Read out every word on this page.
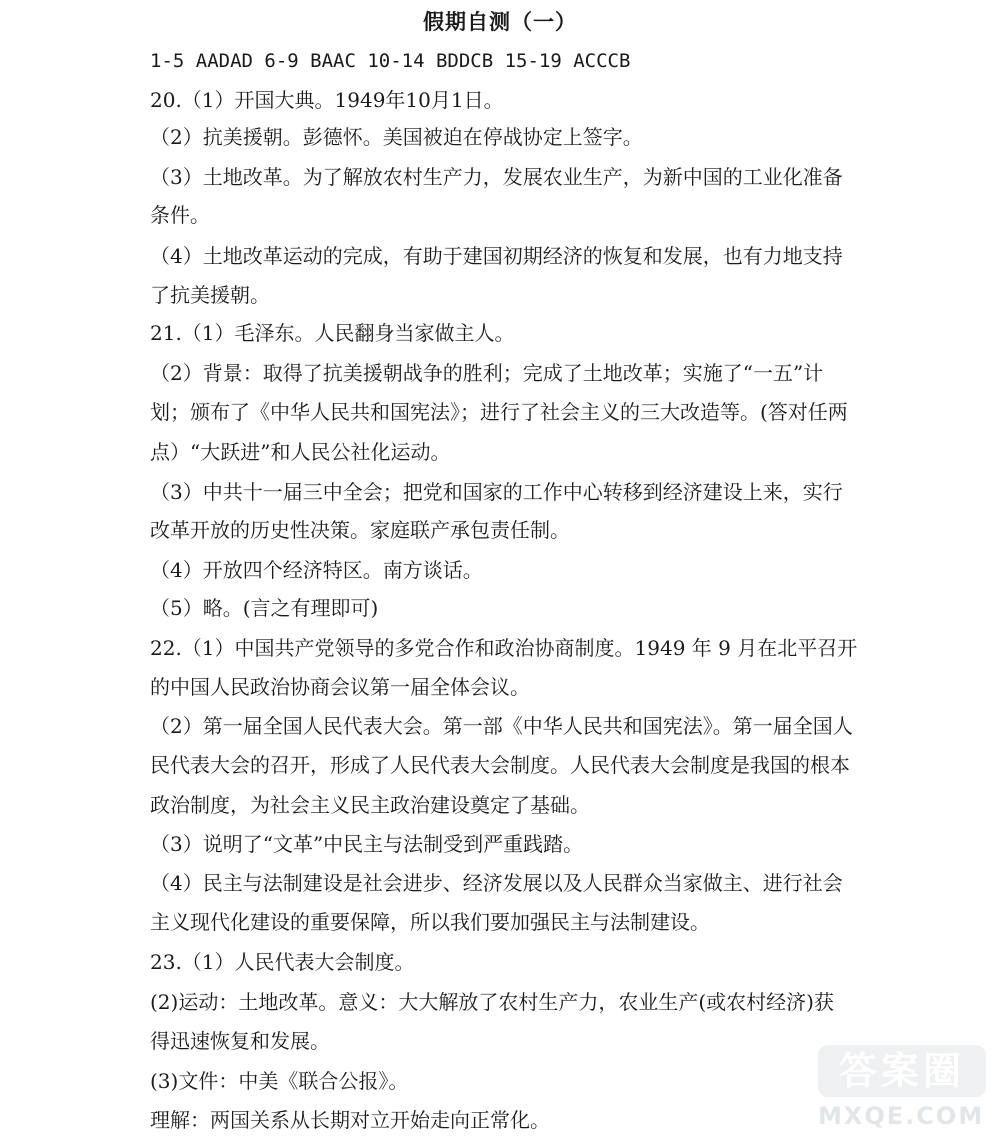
假期自测（一）
1-5 AADAD 6-9 BAAC 10-14 BDDCB 15-19 ACCCB
20.（1）开国大典。1949年10月1日。
（2）抗美援朝。彭德怀。美国被迫在停战协定上签字。
（3）土地改革。为了解放农村生产力，发展农业生产，为新中国的工业化准备
条件。
（4）土地改革运动的完成，有助于建国初期经济的恢复和发展，也有力地支持
了抗美援朝。
21.（1）毛泽东。人民翻身当家做主人。
（2）背景：取得了抗美援朝战争的胜利；完成了土地改革；实施了“一五”计
划；颁布了《中华人民共和国宪法》；进行了社会主义的三大改造等。(答对任两
点）“大跃进”和人民公社化运动。
（3）中共十一届三中全会；把党和国家的工作中心转移到经济建设上来，实行
改革开放的历史性决策。家庭联产承包责任制。
（4）开放四个经济特区。南方谈话。
（5）略。(言之有理即可)
22.（1）中国共产党领导的多党合作和政治协商制度。1949 年 9 月在北平召开
的中国人民政治协商会议第一届全体会议。
（2）第一届全国人民代表大会。第一部《中华人民共和国宪法》。第一届全国人
民代表大会的召开，形成了人民代表大会制度。人民代表大会制度是我国的根本
政治制度，为社会主义民主政治建设奠定了基础。
（3）说明了“文革”中民主与法制受到严重践踏。
（4）民主与法制建设是社会进步、经济发展以及人民群众当家做主、进行社会
主义现代化建设的重要保障，所以我们要加强民主与法制建设。
23.（1）人民代表大会制度。
(2)运动：土地改革。意义：大大解放了农村生产力，农业生产(或农村经济)获
得迅速恢复和发展。
(3)文件：中美《联合公报》。
理解：两国关系从长期对立开始走向正常化。
答案圈
MXQE.COM
